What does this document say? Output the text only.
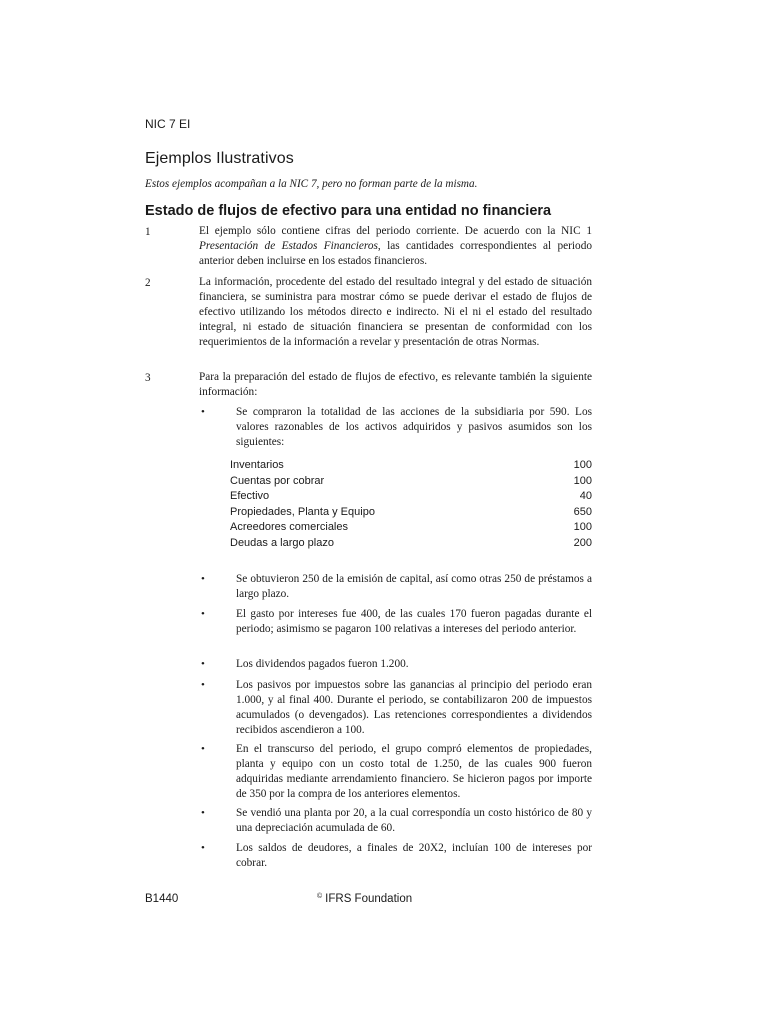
NIC 7 EI
Ejemplos Ilustrativos
Estos ejemplos acompañan a la NIC 7, pero no forman parte de la misma.
Estado de flujos de efectivo para una entidad no financiera
1	El ejemplo sólo contiene cifras del periodo corriente. De acuerdo con la NIC 1 Presentación de Estados Financieros, las cantidades correspondientes al periodo anterior deben incluirse en los estados financieros.
2	La información, procedente del estado del resultado integral y del estado de situación financiera, se suministra para mostrar cómo se puede derivar el estado de flujos de efectivo utilizando los métodos directo e indirecto. Ni el ni el estado del resultado integral, ni estado de situación financiera se presentan de conformidad con los requerimientos de la información a revelar y presentación de otras Normas.
3	Para la preparación del estado de flujos de efectivo, es relevante también la siguiente información:
•	Se compraron la totalidad de las acciones de la subsidiaria por 590. Los valores razonables de los activos adquiridos y pasivos asumidos son los siguientes:
Inventarios	100
Cuentas por cobrar	100
Efectivo	40
Propiedades, Planta y Equipo	650
Acreedores comerciales	100
Deudas a largo plazo	200
•	Se obtuvieron 250 de la emisión de capital, así como otras 250 de préstamos a largo plazo.
•	El gasto por intereses fue 400, de las cuales 170 fueron pagadas durante el periodo; asimismo se pagaron 100 relativas a intereses del periodo anterior.
•	Los dividendos pagados fueron 1.200.
•	Los pasivos por impuestos sobre las ganancias al principio del periodo eran 1.000, y al final 400. Durante el periodo, se contabilizaron 200 de impuestos acumulados (o devengados). Las retenciones correspondientes a dividendos recibidos ascendieron a 100.
•	En el transcurso del periodo, el grupo compró elementos de propiedades, planta y equipo con un costo total de 1.250, de las cuales 900 fueron adquiridas mediante arrendamiento financiero. Se hicieron pagos por importe de 350 por la compra de los anteriores elementos.
•	Se vendió una planta por 20, a la cual correspondía un costo histórico de 80 y una depreciación acumulada de 60.
•	Los saldos de deudores, a finales de 20X2, incluían 100 de intereses por cobrar.
B1440	© IFRS Foundation
